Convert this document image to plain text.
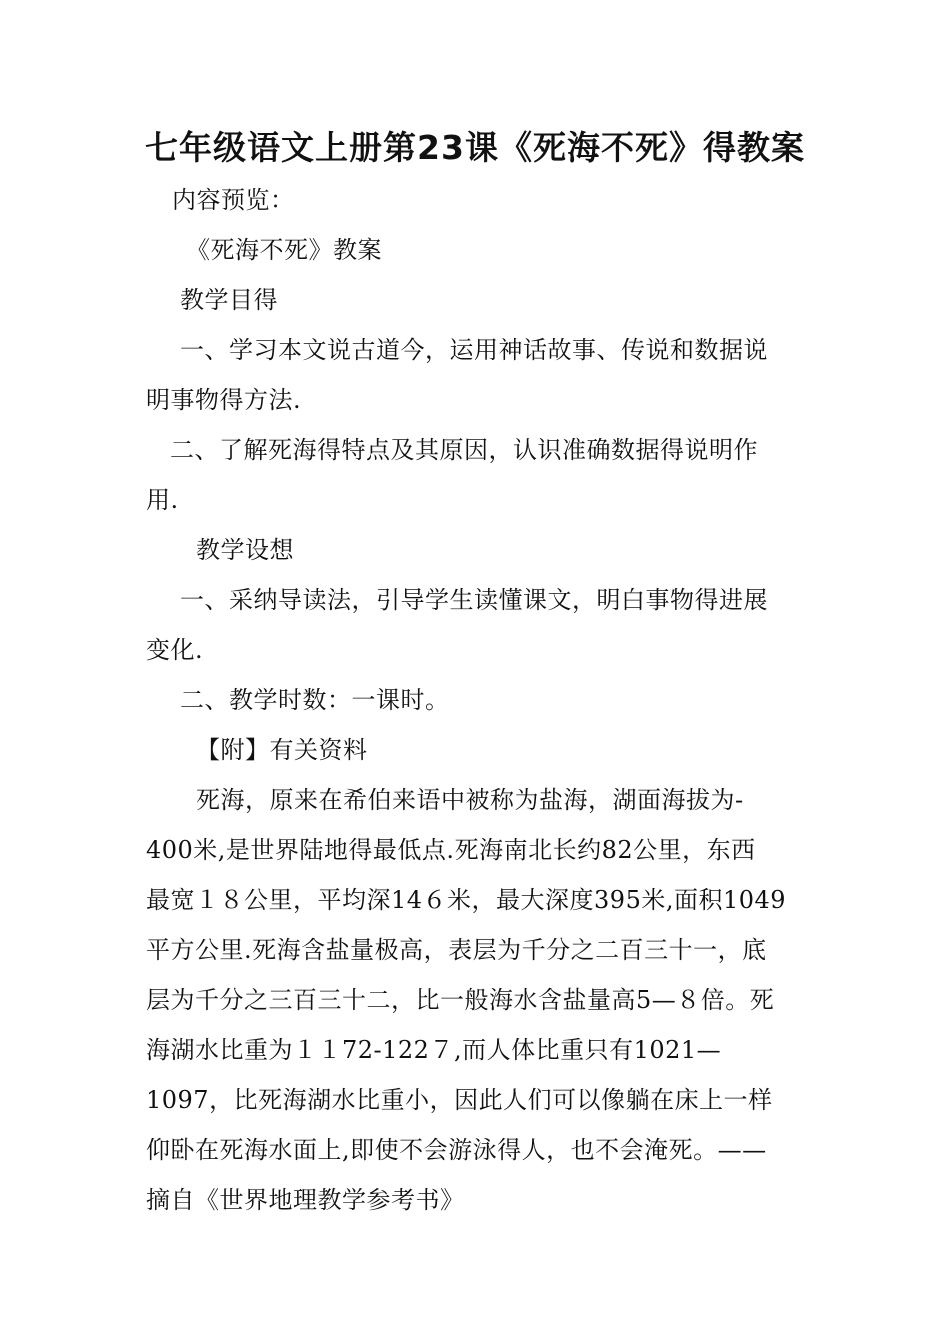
七年级语文上册第23课《死海不死》得教案
内容预览：
《死海不死》教案
教学目得
一、学习本文说古道今，运用神话故事、传说和数据说
明事物得方法.
二、了解死海得特点及其原因，认识准确数据得说明作
用.
教学设想
一、采纳导读法，引导学生读懂课文，明白事物得进展
变化.
二、教学时数：一课时。
【附】有关资料
死海，原来在希伯来语中被称为盐海，湖面海拔为-
400米,是世界陆地得最低点.死海南北长约82公里，东西
最宽１８公里，平均深14６米，最大深度395米,面积1049
平方公里.死海含盐量极高，表层为千分之二百三十一，底
层为千分之三百三十二，比一般海水含盐量高5—８倍。死
海湖水比重为１１72-122７,而人体比重只有1021—
1097，比死海湖水比重小，因此人们可以像躺在床上一样
仰卧在死海水面上,即使不会游泳得人，也不会淹死。——
摘自《世界地理教学参考书》
